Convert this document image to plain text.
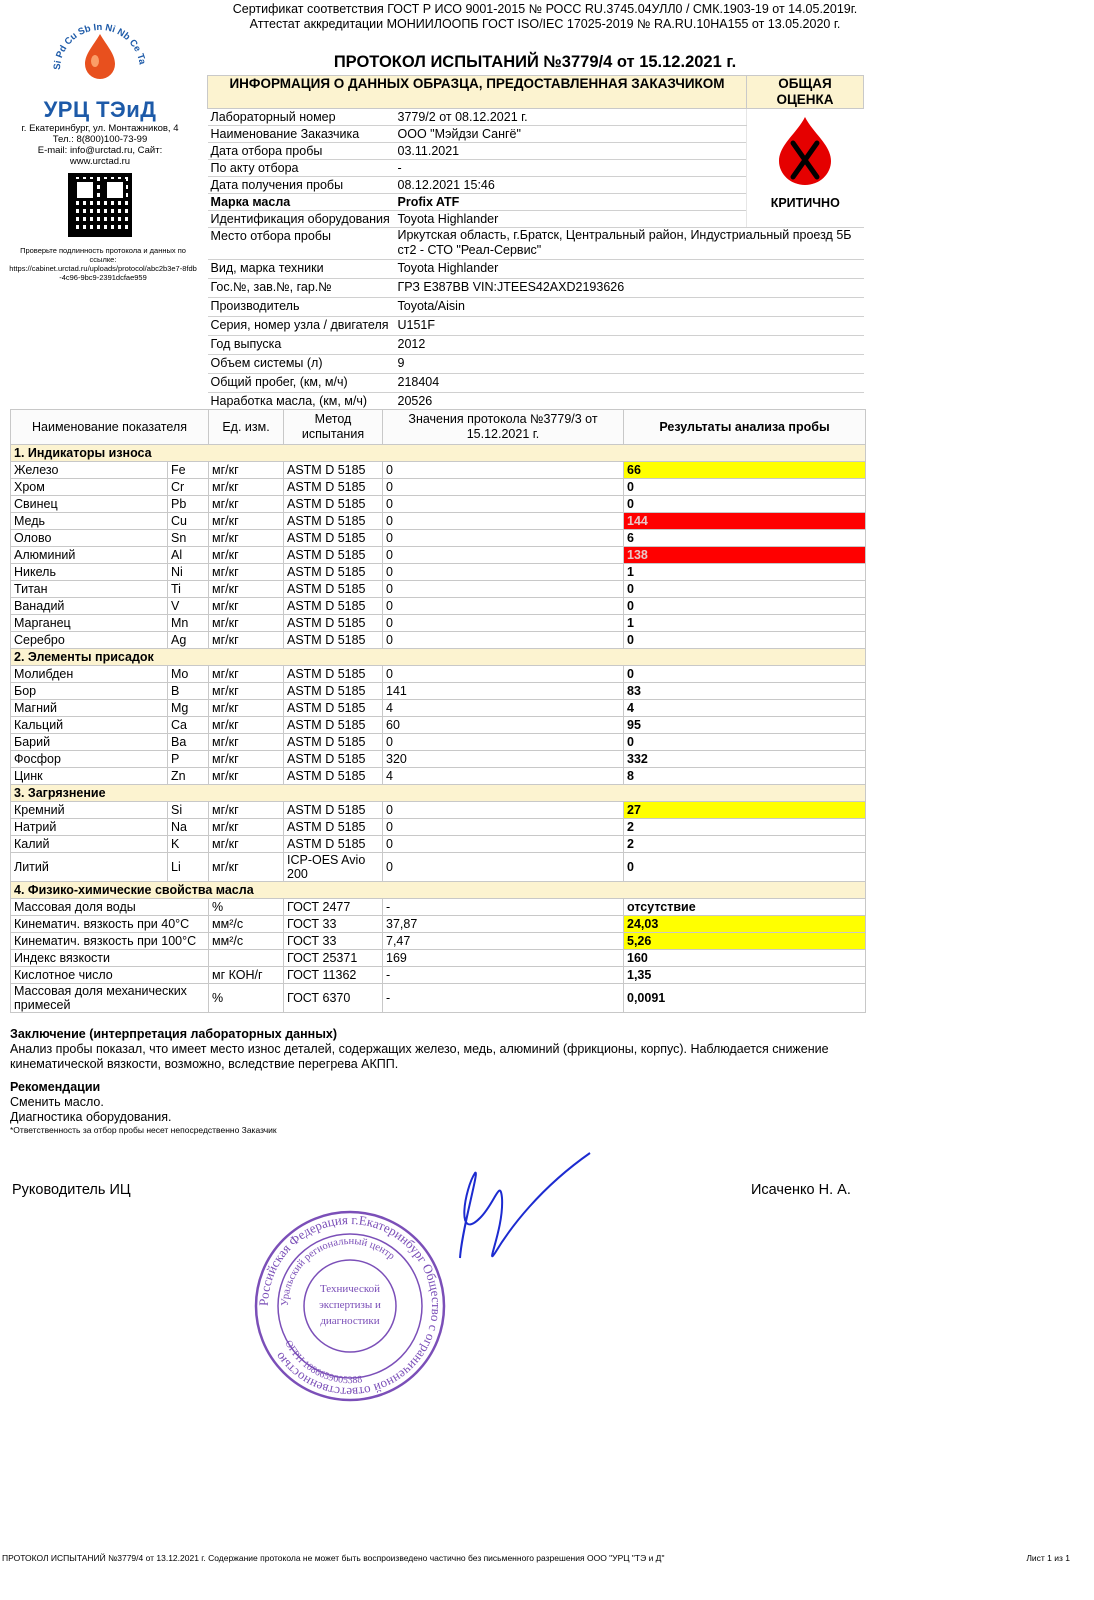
Сертификат соответствия ГОСТ Р ИСО 9001-2015 № РОСС RU.3745.04УЛЛ0 / СМК.1903-19 от 14.05.2019г.
Аттестат аккредитации МОНИИЛООПБ ГОСТ ISO/IEC 17025-2019 № RA.RU.10НА155 от 13.05.2020 г.
Si Pd Cu Sb In Ni Nb Ce Ta
УРЦ ТЭиД
г. Екатеринбург, ул. Монтажников, 4
Тел.: 8(800)100-73-99
E-mail: info@urctad.ru, Сайт: www.urctad.ru
Проверьте подлинность протокола и данных по ссылке:
https://cabinet.urctad.ru/uploads/protocol/abc2b3e7-8fdb-4c96-9bc9-2391dcfae959
ПРОТОКОЛ ИСПЫТАНИЙ №3779/4 от 15.12.2021 г.
ИНФОРМАЦИЯ О ДАННЫХ ОБРАЗЦА, ПРЕДОСТАВЛЕННАЯ ЗАКАЗЧИКОМ		ОБЩАЯ ОЦЕНКА
Лабораторный номер	3779/2 от 08.12.2021 г.	КРИТИЧНО

Наименование Заказчика	ООО "Мэйдзи Сангё"	
Дата отбора пробы	03.11.2021	
По акту отбора	-	
Дата получения пробы	08.12.2021 15:46	
Марка масла	Profix ATF	
Идентификация оборудования	Toyota Highlander	
Место отбора пробы	Иркутская область, г.Братск, Центральный район, Индустриальный проезд 5Б ст2 - СТО "Реал-Сервис"	
Вид, марка техники	Toyota Highlander	
Гос.№, зав.№, гар.№	ГРЗ Е387ВВ VIN:JTEES42AXD2193626	
Производитель	Toyota/Aisin	
Серия, номер узла / двигателя	U151F	
Год выпуска	2012	
Объем системы (л)	9	
Общий пробег, (км, м/ч)	218404	
Наработка масла, (км, м/ч)	20526	
Наименование показателя		Ед. изм.	Метод испытания	Значения протокола №3779/3 от 15.12.2021 г.	Результаты анализа пробы
1. Индикаторы износа					
Железо	Fe	мг/кг	ASTM D 5185	0	66
Хром	Cr	мг/кг	ASTM D 5185	0	0
Свинец	Pb	мг/кг	ASTM D 5185	0	0
Медь	Cu	мг/кг	ASTM D 5185	0	144
Олово	Sn	мг/кг	ASTM D 5185	0	6
Алюминий	Al	мг/кг	ASTM D 5185	0	138
Никель	Ni	мг/кг	ASTM D 5185	0	1
Титан	Ti	мг/кг	ASTM D 5185	0	0
Ванадий	V	мг/кг	ASTM D 5185	0	0
Марганец	Mn	мг/кг	ASTM D 5185	0	1
Серебро	Ag	мг/кг	ASTM D 5185	0	0
2. Элементы присадок					
Молибден	Mo	мг/кг	ASTM D 5185	0	0
Бор	B	мг/кг	ASTM D 5185	141	83
Магний	Mg	мг/кг	ASTM D 5185	4	4
Кальций	Ca	мг/кг	ASTM D 5185	60	95
Барий	Ba	мг/кг	ASTM D 5185	0	0
Фосфор	P	мг/кг	ASTM D 5185	320	332
Цинк	Zn	мг/кг	ASTM D 5185	4	8
3. Загрязнение					
Кремний	Si	мг/кг	ASTM D 5185	0	27
Натрий	Na	мг/кг	ASTM D 5185	0	2
Калий	K	мг/кг	ASTM D 5185	0	2
Литий	Li	мг/кг	ICP-OES Avio 200	0	0
4. Физико-химические свойства масла					
Массовая доля воды		%	ГОСТ 2477	-	отсутствие
Кинематич. вязкость при 40°С		мм²/с	ГОСТ 33	37,87	24,03
Кинематич. вязкость при 100°С		мм²/с	ГОСТ 33	7,47	5,26
Индекс вязкости			ГОСТ 25371	169	160
Кислотное число		мг КОН/г	ГОСТ 11362	-	1,35
Массовая доля механических примесей		%	ГОСТ 6370	-	0,0091
Заключение (интерпретация лабораторных данных)
Анализ пробы показал, что имеет место износ деталей, содержащих железо, медь, алюминий (фрикционы, корпус). Наблюдается снижение кинематической вязкости, возможно, вследствие перегрева АКПП.
Рекомендации
Сменить масло.
Диагностика оборудования.
*Ответственность за отбор пробы несет непосредственно Заказчик
Руководитель ИЦ	Исаченко Н. А.
Российская Федерация г.Екатеринбург Общество с ограниченной ответственностью
Уральский региональный центр
Технической
экспертизы и
диагностики
ОГРН 1086659005388
ПРОТОКОЛ ИСПЫТАНИЙ №3779/4 от 13.12.2021 г. Содержание протокола не может быть воспроизведено частично без письменного разрешения ООО "УРЦ "ТЭ и Д"	Лист 1 из 1
